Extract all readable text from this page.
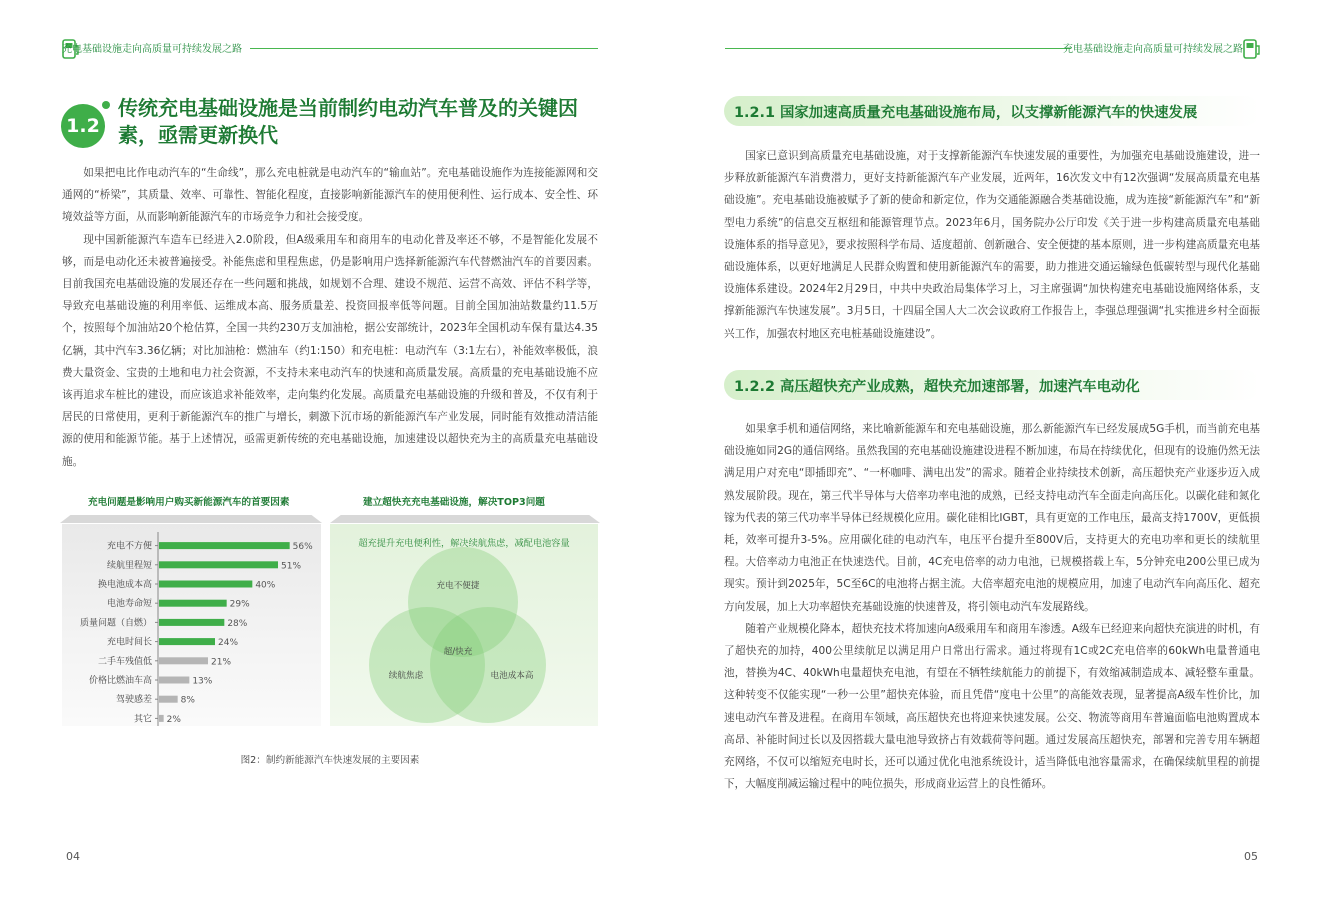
充电基础设施走向高质量可持续发展之路	充电基础设施走向高质量可持续发展之路
1.2
传统充电基础设施是当前制约电动汽车普及的关键因素，亟需更新换代

如果把电比作电动汽车的“生命线”，那么充电桩就是电动汽车的“输血站”。充电基础设施作为连接能源网和交通网的“桥梁”，其质量、效率、可靠性、智能化程度，直接影响新能源汽车的使用便利性、运行成本、安全性、环境效益等方面，从而影响新能源汽车的市场竞争力和社会接受度。

现中国新能源汽车造车已经进入2.0阶段，但A级乘用车和商用车的电动化普及率还不够，不是智能化发展不够，而是电动化还未被普遍接受。补能焦虑和里程焦虑，仍是影响用户选择新能源汽车代替燃油汽车的首要因素。目前我国充电基础设施的发展还存在一些问题和挑战，如规划不合理、建设不规范、运营不高效、评估不科学等，导致充电基础设施的利用率低、运维成本高、服务质量差、投资回报率低等问题。目前全国加油站数量约11.5万个，按照每个加油站20个枪估算，全国一共约230万支加油枪，据公安部统计，2023年全国机动车保有量达4.35亿辆，其中汽车3.36亿辆；对比加油枪：燃油车（约1:150）和充电桩：电动汽车（3:1左右），补能效率极低，浪费大量资金、宝贵的土地和电力社会资源，不支持未来电动汽车的快速和高质量发展。高质量的充电基础设施不应该再追求车桩比的建设，而应该追求补能效率，走向集约化发展。高质量充电基础设施的升级和普及，不仅有利于居民的日常使用，更利于新能源汽车的推广与增长，刺激下沉市场的新能源汽车产业发展，同时能有效推动清洁能源的使用和能源节能。基于上述情况，亟需更新传统的充电基础设施，加速建设以超快充为主的高质量充电基础设施。

充电问题是影响用户购买新能源汽车的首要因素	建立超快充充电基础设施，解决TOP3问题
充电不方便	56%
续航里程短	51%
换电池成本高	40%
电池寿命短	29%
质量问题（自燃）	28%
充电时间长	24%
二手车残值低	21%
价格比燃油车高	13%
驾驶感差	8%
其它 2%
充电不便捷
续航焦虑	电池成本高
超/快充
超充提升充电便利性，解决续航焦虑，减配电池容量
图2：制约新能源汽车快速发展的主要因素
04
1.2.1 国家加速高质量充电基础设施布局，以支撑新能源汽车的快速发展

国家已意识到高质量充电基础设施，对于支撑新能源汽车快速发展的重要性，为加强充电基础设施建设，进一步释放新能源汽车消费潜力，更好支持新能源汽车产业发展，近两年，16次发文中有12次强调“发展高质量充电基础设施”。充电基础设施被赋予了新的使命和新定位，作为交通能源融合类基础设施，成为连接“新能源汽车”和“新型电力系统”的信息交互枢纽和能源管理节点。2023年6月，国务院办公厅印发《关于进一步构建高质量充电基础设施体系的指导意见》，要求按照科学布局、适度超前、创新融合、安全便捷的基本原则，进一步构建高质量充电基础设施体系，以更好地满足人民群众购置和使用新能源汽车的需要，助力推进交通运输绿色低碳转型与现代化基础设施体系建设。2024年2月29日，中共中央政治局集体学习上，习主席强调“加快构建充电基础设施网络体系，支撑新能源汽车快速发展”。3月5日，十四届全国人大二次会议政府工作报告上，李强总理强调“扎实推进乡村全面振兴工作，加强农村地区充电桩基础设施建设”。

1.2.2 高压超快充产业成熟，超快充加速部署，加速汽车电动化

如果拿手机和通信网络，来比喻新能源车和充电基础设施，那么新能源汽车已经发展成5G手机，而当前充电基础设施如同2G的通信网络。虽然我国的充电基础设施建设进程不断加速，布局在持续优化，但现有的设施仍然无法满足用户对充电“即插即充”、“一杯咖啡、满电出发”的需求。随着企业持续技术创新，高压超快充产业逐步迈入成熟发展阶段。现在，第三代半导体与大倍率功率电池的成熟，已经支持电动汽车全面走向高压化。以碳化硅和氮化镓为代表的第三代功率半导体已经规模化应用。碳化硅相比IGBT，具有更宽的工作电压，最高支持1700V，更低损耗，效率可提升3-5%。应用碳化硅的电动汽车，电压平台提升至800V后，支持更大的充电功率和更长的续航里程。大倍率动力电池正在快速迭代。目前，4C充电倍率的动力电池，已规模搭载上车，5分钟充电200公里已成为现实。预计到2025年，5C至6C的电池将占据主流。大倍率超充电池的规模应用，加速了电动汽车向高压化、超充方向发展，加上大功率超快充基础设施的快速普及，将引领电动汽车发展路线。

随着产业规模化降本，超快充技术将加速向A级乘用车和商用车渗透。A级车已经迎来向超快充演进的时机，有了超快充的加持，400公里续航足以满足用户日常出行需求。通过将现有1C或2C充电倍率的60kWh电量普通电池，替换为4C、40kWh电量超快充电池，有望在不牺牲续航能力的前提下，有效缩减制造成本、减轻整车重量。这种转变不仅能实现“一秒一公里”超快充体验，而且凭借“度电十公里”的高能效表现，显著提高A级车性价比，加速电动汽车普及进程。在商用车领域，高压超快充也将迎来快速发展。公交、物流等商用车普遍面临电池购置成本高昂、补能时间过长以及因搭载大量电池导致挤占有效载荷等问题。通过发展高压超快充，部署和完善专用车辆超充网络，不仅可以缩短充电时长，还可以通过优化电池系统设计，适当降低电池容量需求，在确保续航里程的前提下，大幅度削减运输过程中的吨位损失，形成商业运营上的良性循环。

05
